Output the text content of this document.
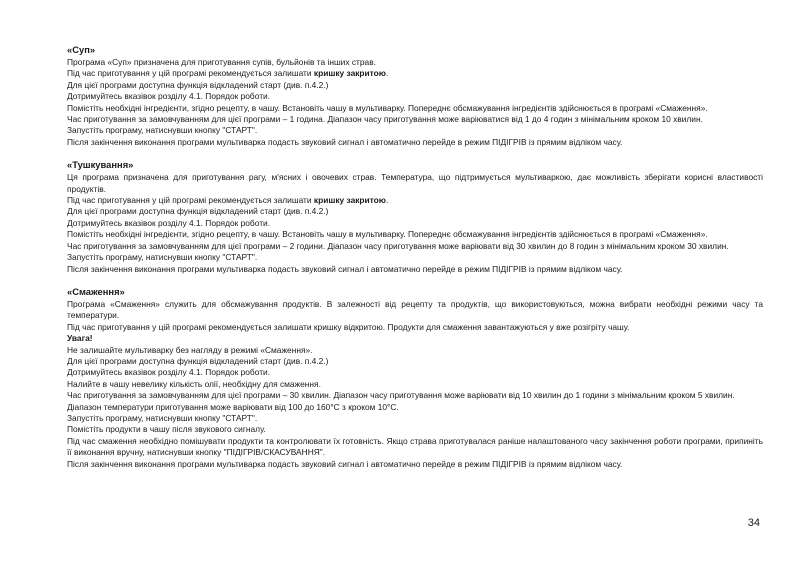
«Суп»
Програма «Суп» призначена для приготування супів, бульйонів та інших страв.
Під час приготування у цій програмі рекомендується залишати кришку закритою.
Для цієї програми доступна функція відкладений старт (див. п.4.2.)
Дотримуйтесь вказівок розділу 4.1. Порядок роботи.
Помістіть необхідні інгредієнти, згідно рецепту, в чашу. Встановіть чашу в мультиварку. Попереднє обсмажування інгредієнтів здійснюється в програмі «Смаження».
Час приготування за замовчуванням для цієї програми – 1 година. Діапазон часу приготування може варіюватися від 1 до 4 годин з мінімальним кроком 10 хвилин.
Запустіть програму, натиснувши кнопку "СТАРТ".
Після закінчення виконання програми мультиварка подасть звуковий сигнал і автоматично перейде в режим ПІДІГРІВ із прямим відліком часу.
«Тушкування»
Ця програма призначена для приготування рагу, м'ясних і овочевих страв. Температура, що підтримується мультиваркою, дає можливість зберігати корисні властивості продуктів.
Під час приготування у цій програмі рекомендується залишати кришку закритою.
Для цієї програми доступна функція відкладений старт (див. п.4.2.)
Дотримуйтесь вказівок розділу 4.1. Порядок роботи.
Помістіть необхідні інгредієнти, згідно рецепту, в чашу. Встановіть чашу в мультиварку. Попереднє обсмажування інгредієнтів здійснюється в програмі «Смаження».
Час приготування за замовчуванням для цієї програми – 2 години. Діапазон часу приготування може варіювати від 30 хвилин до 8 годин з мінімальним кроком 30 хвилин.
Запустіть програму, натиснувши кнопку "СТАРТ".
Після закінчення виконання програми мультиварка подасть звуковий сигнал і автоматично перейде в режим ПІДІГРІВ із прямим відліком часу.
«Смаження»
Програма «Смаження» служить для обсмажування продуктів. В залежності від рецепту та продуктів, що використовуються, можна вибрати необхідні режими часу та температури.
Під час приготування у цій програмі рекомендується залишати кришку відкритою. Продукти для смаження завантажуються у вже розігріту чашу.
Увага!
Не залишайте мультиварку без нагляду в режимі «Смаження».
Для цієї програми доступна функція відкладений старт (див. п.4.2.)
Дотримуйтесь вказівок розділу 4.1. Порядок роботи.
Налийте в чашу невелику кількість олії, необхідну для смаження.
Час приготування за замовчуванням для цієї програми – 30 хвилин. Діапазон часу приготування може варіювати від 10 хвилин до 1 години з мінімальним кроком 5 хвилин.
Діапазон температури приготування може варіювати від 100 до 160°С з кроком 10°С.
Запустіть програму, натиснувши кнопку "СТАРТ".
Помістіть продукти в чашу після звукового сигналу.
Під час смаження необхідно помішувати продукти та контролювати їх готовність. Якщо страва приготувалася раніше налаштованого часу закінчення роботи програми, припиніть її виконання вручну, натиснувши кнопку "ПІДІГРІВ/СКАСУВАННЯ".
Після закінчення виконання програми мультиварка подасть звуковий сигнал і автоматично перейде в режим ПІДІГРІВ із прямим відліком часу.
34
